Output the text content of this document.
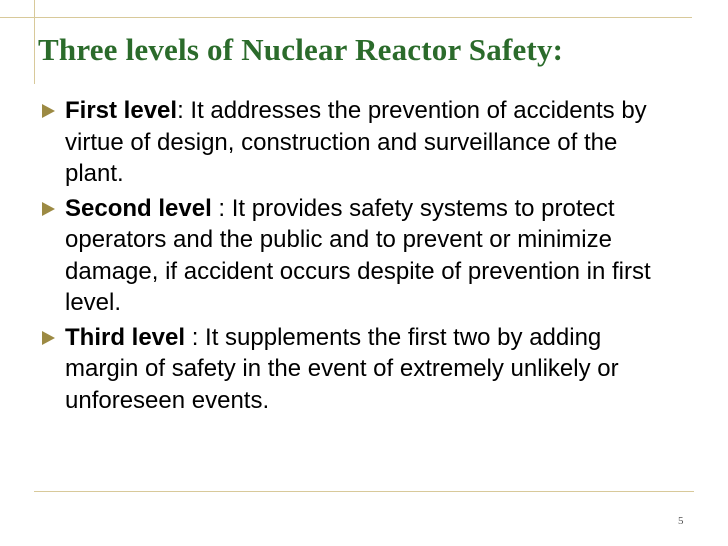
Three levels of Nuclear Reactor Safety:
First level: It addresses the prevention of accidents by virtue of design, construction and surveillance of the plant.
Second level : It provides safety systems to protect operators and the public and to prevent or minimize damage, if accident occurs despite of prevention in first level.
Third level : It supplements the first two by adding margin of safety in the event of extremely unlikely or unforeseen events.
5
